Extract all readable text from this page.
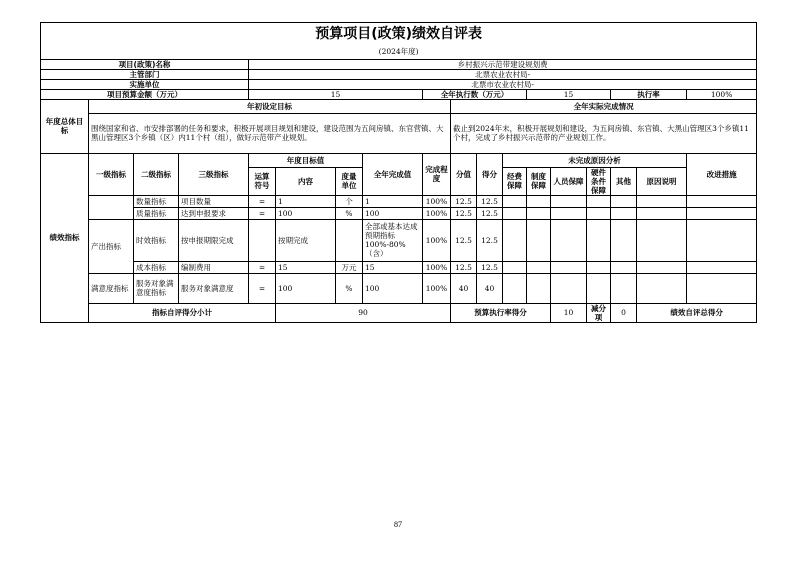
预算项目(政策)绩效自评表																		
(2024年度)																		
项目(政策)名称				乡村振兴示范带建设规划费														
主管部门				北票农业农村局-														
实施单位				北票市农业农村局-														
项目预算金额（万元）				15				全年执行数（万元）				15			执行率		100%	
年度总体目标	年初设定目标								全年实际完成情况									
	围绕国家和省、市安排部署的任务和要求，积极开展项目规划和建设，建设范围为五间房镇、东官营镇、大黑山管理区3个乡镇（区）内11个村（组），做好示范带产业规划。								截止到2024年末，积极开展规划和建设，为五间房镇、东官镇、大黑山管理区3个乡镇11个村，完成了乡村振兴示范带的产业规划工作。									
绩效指标	一级指标	二级指标	三级指标	年度目标值			全年完成值	完成程度	分值	得分	未完成原因分析						改进措施	
				运算符号	内容	度量单位					经费保障	制度保障	人员保障	硬件条件保障	其他	原因说明		
		数量指标	项目数量	=	1	个	1	100%	12.5	12.5								
		质量指标	达到申报要求	=	100	%	100	100%	12.5	12.5								
	产出指标	时效指标	按申报期限完成		按期完成		全部或基本达成预期指标100%-80%（含）	100%	12.5	12.5								
		成本指标	编制费用	=	15	万元	15	100%	12.5	12.5								
	满意度指标	服务对象满意度指标	服务对象满意度	=	100	%	100	100%	40	40								
	指标自评得分小计				90				预算执行率得分				10	减分项	0	绩效自评总得分	
87
